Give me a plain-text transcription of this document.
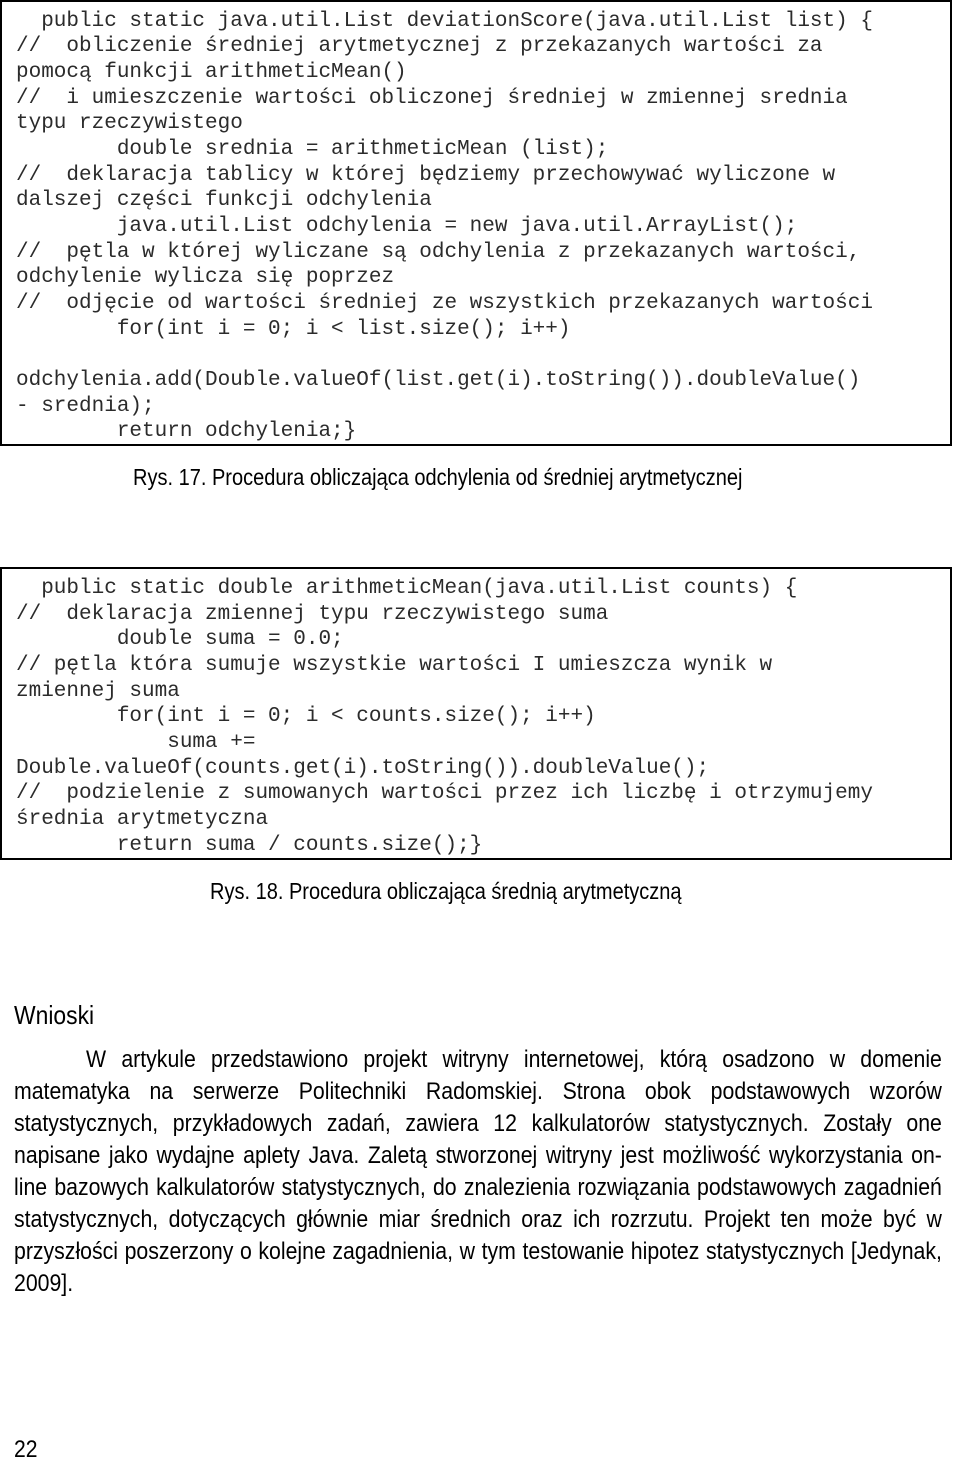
public static java.util.List deviationScore(java.util.List list) {
//  obliczenie średniej arytmetycznej z przekazanych wartości za
pomocą funkcji arithmeticMean()
//  i umieszczenie wartości obliczonej średniej w zmiennej srednia
typu rzeczywistego
double srednia = arithmeticMean (list);
//  deklaracja tablicy w której będziemy przechowywać wyliczone w
dalszej części funkcji odchylenia
java.util.List odchylenia = new java.util.ArrayList();
//  pętla w której wyliczane są odchylenia z przekazanych wartości,
odchylenie wylicza się poprzez
//  odjęcie od wartości średniej ze wszystkich przekazanych wartości
for(int i = 0; i < list.size(); i++)
odchylenia.add(Double.valueOf(list.get(i).toString()).doubleValue()
- srednia);
return odchylenia;}

Rys. 17. Procedura obliczająca odchylenia od średniej arytmetycznej

public static double arithmeticMean(java.util.List counts) {
//  deklaracja zmiennej typu rzeczywistego suma
double suma = 0.0;
// pętla która sumuje wszystkie wartości I umieszcza wynik w
zmiennej suma
for(int i = 0; i < counts.size(); i++)
suma +=
Double.valueOf(counts.get(i).toString()).doubleValue();
//  podzielenie z sumowanych wartości przez ich liczbę i otrzymujemy
średnia arytmetyczna
return suma / counts.size();}

Rys. 18. Procedura obliczająca średnią arytmetyczną

Wnioski

W artykule przedstawiono projekt witryny internetowej, którą osadzono w domenie matematyka na serwerze Politechniki Radomskiej. Strona obok podstawowych wzorów statystycznych, przykładowych zadań, zawiera 12 kalkulatorów statystycznych. Zostały one napisane jako wydajne aplety Java. Zaletą stworzonej witryny jest możliwość wykorzystania on-line bazowych kalkulatorów statystycznych, do znalezienia rozwiązania podstawowych zagadnień statystycznych, dotyczących głównie miar średnich oraz ich rozrzutu. Projekt ten może być w przyszłości poszerzony o kolejne zagadnienia, w tym testowanie hipotez statystycznych [Jedynak, 2009].

22
